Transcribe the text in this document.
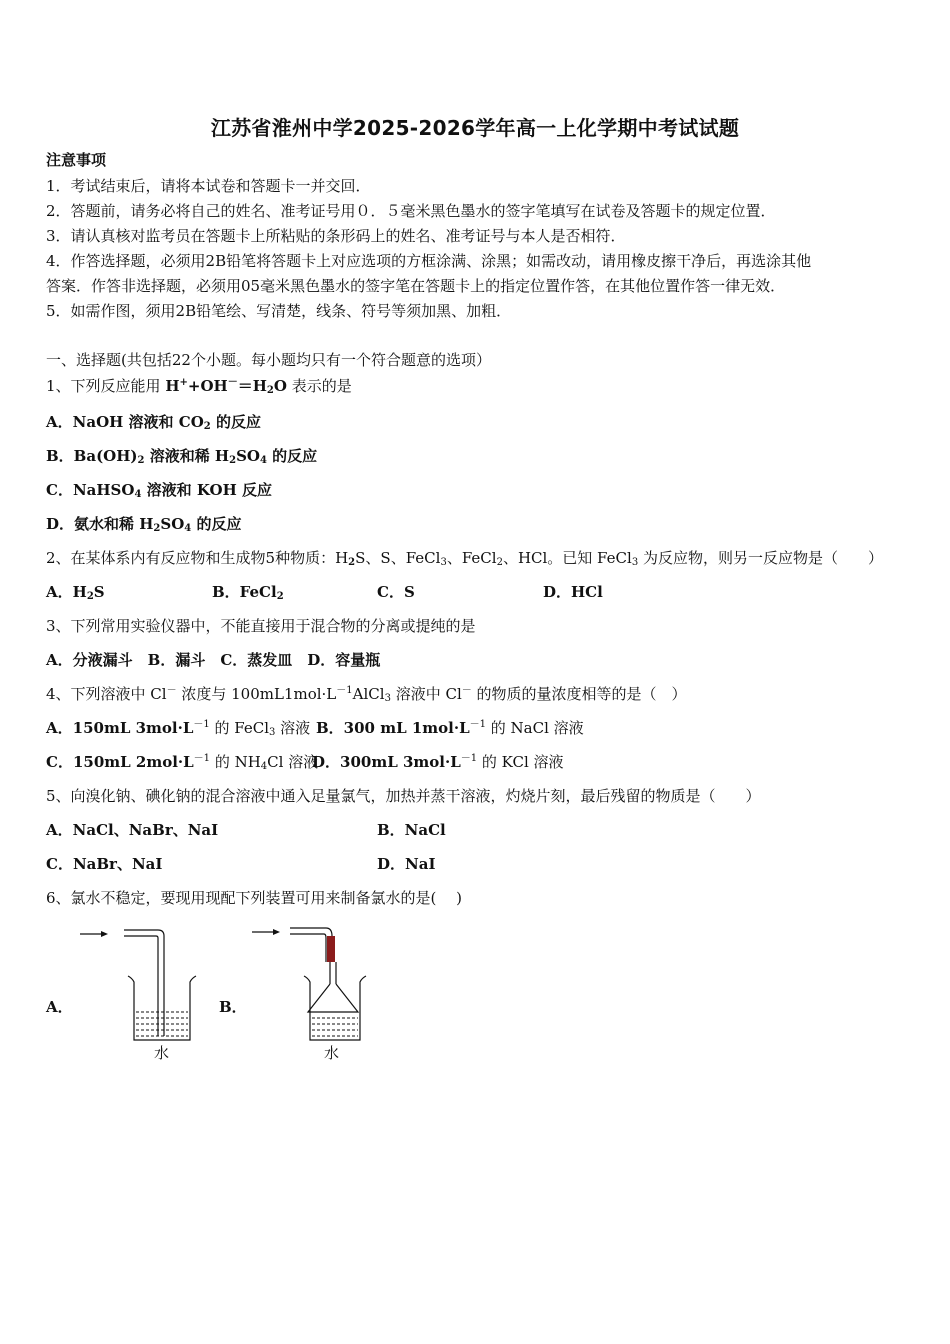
江苏省淮州中学2025-2026学年高一上化学期中考试试题
注意事项
1．考试结束后，请将本试卷和答题卡一并交回．
2．答题前，请务必将自己的姓名、准考证号用０．５毫米黑色墨水的签字笔填写在试卷及答题卡的规定位置．
3．请认真核对监考员在答题卡上所粘贴的条形码上的姓名、准考证号与本人是否相符．
4．作答选择题，必须用2B铅笔将答题卡上对应选项的方框涂满、涂黑；如需改动，请用橡皮擦干净后，再选涂其他
答案．作答非选择题，必须用05毫米黑色墨水的签字笔在答题卡上的指定位置作答，在其他位置作答一律无效．
5．如需作图，须用2B铅笔绘、写清楚，线条、符号等须加黑、加粗．
一、选择题(共包括22个小题。每小题均只有一个符合题意的选项）
1、下列反应能用 $H^++OH^-=H_2O$ 表示的是
A．NaOH 溶液和 $CO_2$ 的反应
B．$Ba(OH)_2$ 溶液和稀 $H_2SO_4$ 的反应
C．NaHSO$_4$ 溶液和 KOH 反应
D．氨水和稀 $H_2SO_4$ 的反应
2、在某体系内有反应物和生成物5种物质：$H_2S$、S、FeCl$_3$、FeCl$_2$、HCl。已知 FeCl$_3$ 为反应物，则另一反应物是（　　）
A．$H_2S$	B．FeCl$_2$	C．S	D．HCl
3、下列常用实验仪器中，不能直接用于混合物的分离或提纯的是
A．分液漏斗　B．漏斗　C．蒸发皿　D．容量瓶
4、下列溶液中 Cl－ 浓度与 $100mL1mol\cdot L^{-1}AlCl_3$ 溶液中 Cl－ 的物质的量浓度相等的是（　）
A．150mL $3mol\cdot L^{-1}$ 的 FeCl$_3$ 溶液 B．300 mL $1mol\cdot L^{-1}$ 的 NaCl 溶液
C．150mL $2mol\cdot L^{-1}$ 的 $NH_4Cl$ 溶液
D．300mL $3mol\cdot L^{-1}$ 的 KCl 溶液
5、向溴化钠、碘化钠的混合溶液中通入足量氯气，加热并蒸干溶液，灼烧片刻，最后残留的物质是（　　）
A．NaCl、NaBr、NaI	B．NaCl
C．NaBr、NaI	D．NaI
6、氯水不稳定，要现用现配下列装置可用来制备氯水的是(　 )
A．	B．
水	水
